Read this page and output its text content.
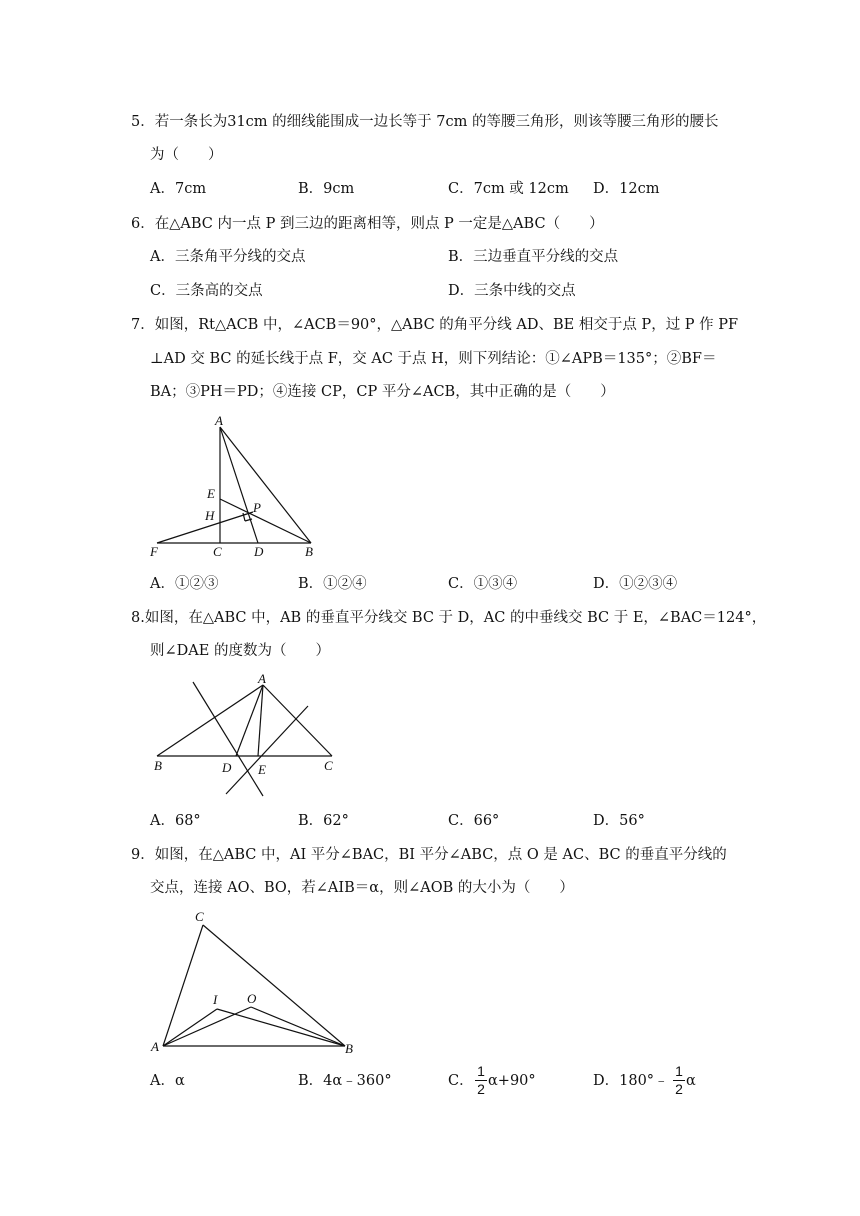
5．若一条长为31cm 的细线能围成一边长等于 7cm 的等腰三角形，则该等腰三角形的腰长
为（　　）
A．7cm	B．9cm	C．7cm 或 12cm D．12cm
6．在△ABC 内一点 P 到三边的距离相等，则点 P 一定是△ABC（　　）
A．三条角平分线的交点	B．三边垂直平分线的交点
C．三条高的交点	D．三条中线的交点
7．如图，Rt△ACB 中，∠ACB＝90°，△ABC 的角平分线 AD、BE 相交于点 P，过 P 作 PF
⊥AD 交 BC 的延长线于点 F，交 AC 于点 H，则下列结论：①∠APB＝135°；②BF＝
BA；③PH＝PD；④连接 CP，CP 平分∠ACB，其中正确的是（　　）
A
E
H
P
F	C D	B
A．①②③	B．①②④	C．①③④	D．①②③④
8.如图，在△ABC 中，AB 的垂直平分线交 BC 于 D，AC 的中垂线交 BC 于 E，∠BAC＝124°，
则∠DAE 的度数为（　　）
A
B	D E	C
A．68°	B．62°	C．66°	D．56°
9．如图，在△ABC 中，AI 平分∠BAC，BI 平分∠ABC，点 O 是 AC、BC 的垂直平分线的
交点，连接 AO、BO，若∠AIB＝α，则∠AOB 的大小为（　　）
C
I O
A	B
A．α	B．4α﹣360°	C．
1
2 α+90°	D．180°﹣
1
2 α
